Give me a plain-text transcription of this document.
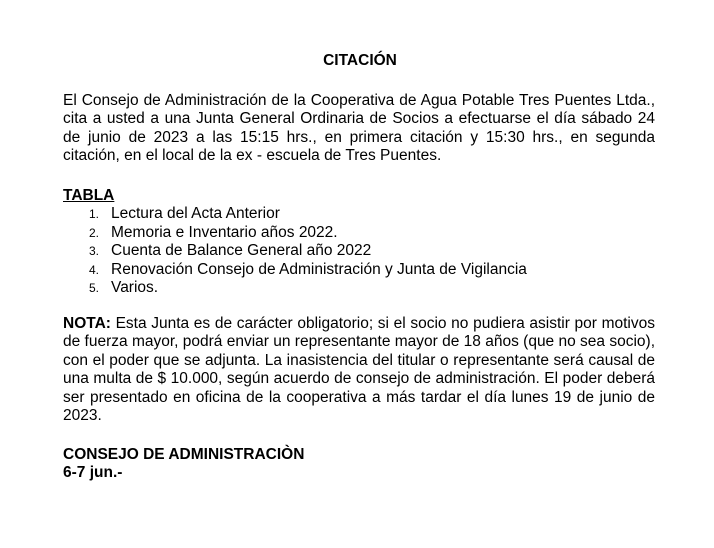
CITACIÓN

El Consejo de Administración de la Cooperativa de Agua Potable Tres Puentes Ltda., cita a usted a una Junta General Ordinaria de Socios a efectuarse el día sábado 24 de junio de 2023 a las 15:15 hrs., en primera citación y 15:30 hrs., en segunda citación, en el local de la ex - escuela de Tres Puentes.

TABLA

1. Lectura del Acta Anterior
2. Memoria e Inventario años 2022.
3. Cuenta de Balance General año 2022
4. Renovación Consejo de Administración y Junta de Vigilancia
5. Varios.

NOTA: Esta Junta es de carácter obligatorio; si el socio no pudiera asistir por motivos de fuerza mayor, podrá enviar un representante mayor de 18 años (que no sea socio), con el poder que se adjunta. La inasistencia del titular o representante será causal de una multa de $ 10.000, según acuerdo de consejo de administración. El poder deberá ser presentado en oficina de la cooperativa a más tardar el día lunes 19 de junio de 2023.

CONSEJO DE ADMINISTRACIÒN

6-7 jun.-
